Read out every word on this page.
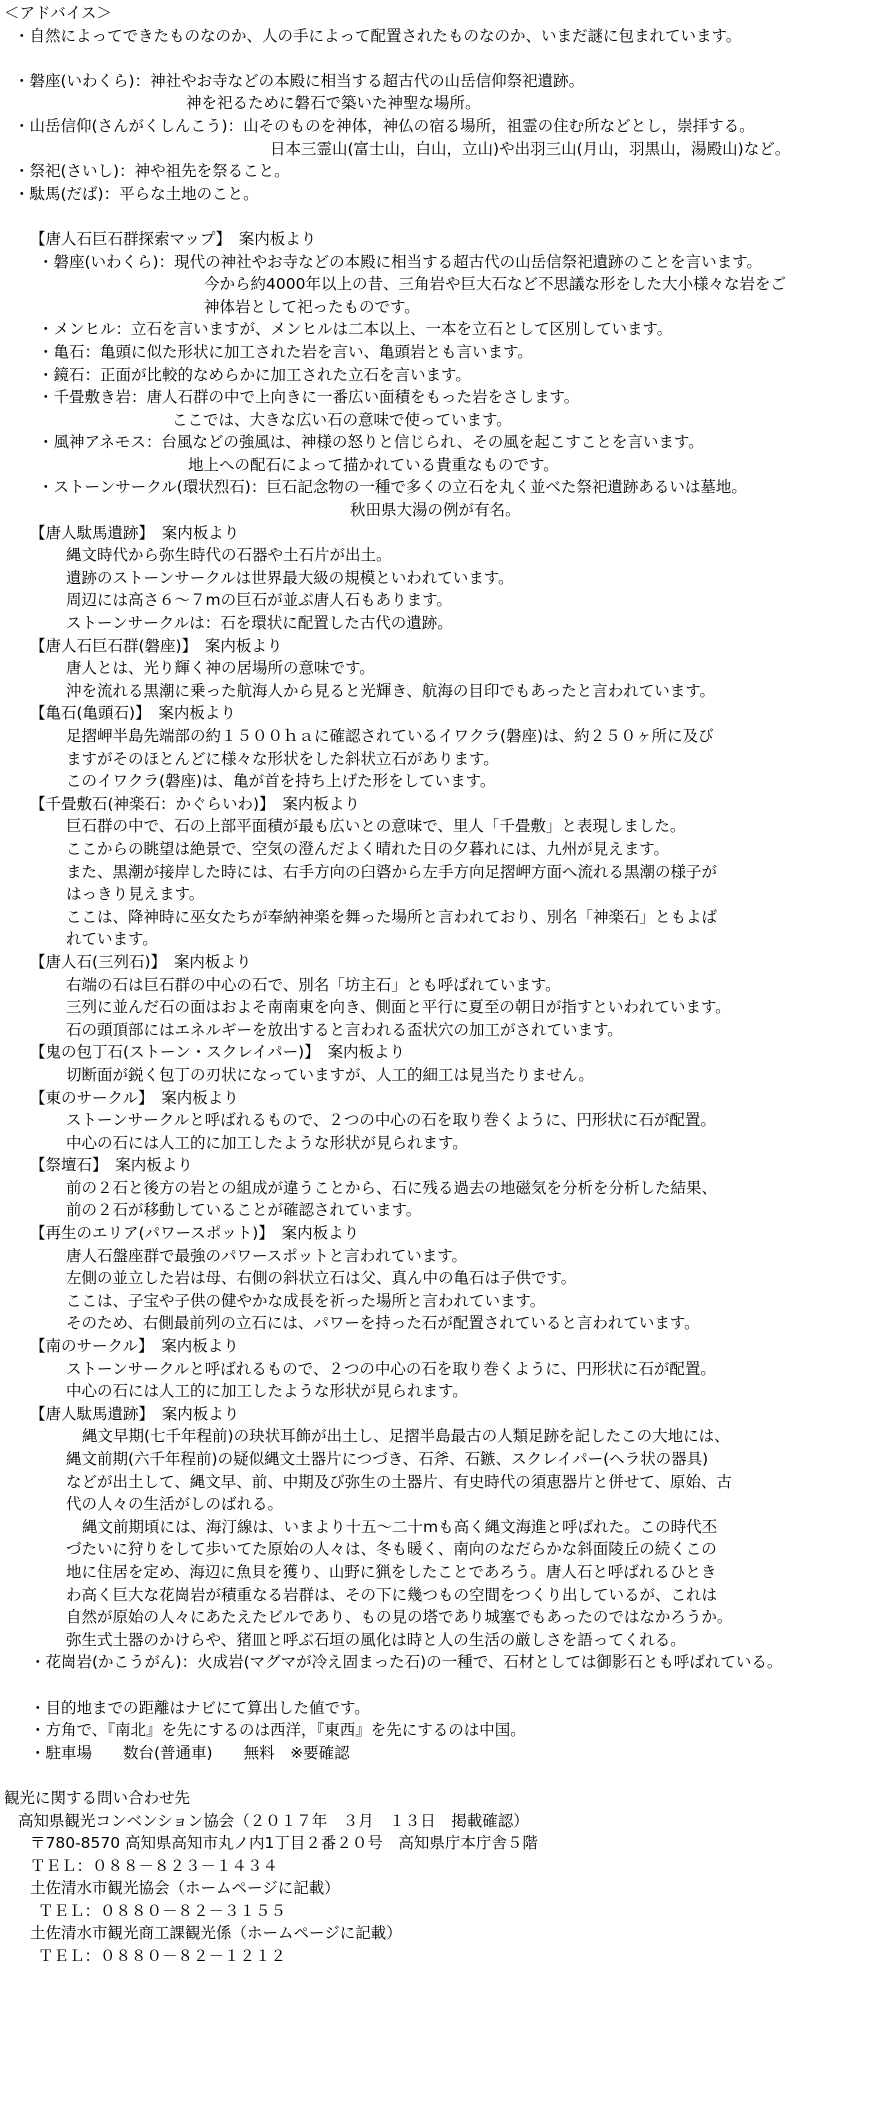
＜アドバイス＞
・自然によってできたものなのか、人の手によって配置されたものなのか、いまだ謎に包まれています。
・磐座(いわくら)：神社やお寺などの本殿に相当する超古代の山岳信仰祭祀遺跡。
神を祀るために磐石で築いた神聖な場所。
・山岳信仰(さんがくしんこう)：山そのものを神体，神仏の宿る場所，祖霊の住む所などとし，崇拝する。
日本三霊山(富士山，白山，立山)や出羽三山(月山，羽黒山，湯殿山)など。
・祭祀(さいし)：神や祖先を祭ること。
・駄馬(だば)：平らな土地のこと。
【唐人石巨石群探索マップ】　案内板より
・磐座(いわくら)：現代の神社やお寺などの本殿に相当する超古代の山岳信祭祀遺跡のことを言います。
今から約4000年以上の昔、三角岩や巨大石など不思議な形をした大小様々な岩をご
神体岩として祀ったものです。
・メンヒル：立石を言いますが、メンヒルは二本以上、一本を立石として区別しています。
・亀石：亀頭に似た形状に加工された岩を言い、亀頭岩とも言います。
・鏡石：正面が比較的なめらかに加工された立石を言います。
・千畳敷き岩：唐人石群の中で上向きに一番広い面積をもった岩をさします。
ここでは、大きな広い石の意味で使っています。
・風神アネモス：台風などの強風は、神様の怒りと信じられ、その風を起こすことを言います。
地上への配石によって描かれている貴重なものです。
・ストーンサークル(環状烈石)：巨石記念物の一種で多くの立石を丸く並べた祭祀遺跡あるいは墓地。
秋田県大湯の例が有名。
【唐人駄馬遺跡】　案内板より
縄文時代から弥生時代の石器や土石片が出土。
遺跡のストーンサークルは世界最大級の規模といわれています。
周辺には高さ６～７mの巨石が並ぶ唐人石もあります。
ストーンサークルは：石を環状に配置した古代の遺跡。
【唐人石巨石群(磐座)】　案内板より
唐人とは、光り輝く神の居場所の意味です。
沖を流れる黒潮に乗った航海人から見ると光輝き、航海の目印でもあったと言われています。
【亀石(亀頭石)】　案内板より
足摺岬半島先端部の約１５００ｈａに確認されているイワクラ(磐座)は、約２５０ヶ所に及び
ますがそのほとんどに様々な形状をした斜状立石があります。
このイワクラ(磐座)は、亀が首を持ち上げた形をしています。
【千畳敷石(神楽石：かぐらいわ)】　案内板より
巨石群の中で、石の上部平面積が最も広いとの意味で、里人「千畳敷」と表現しました。
ここからの眺望は絶景で、空気の澄んだよく晴れた日の夕暮れには、九州が見えます。
また、黒潮が接岸した時には、右手方向の臼碆から左手方向足摺岬方面へ流れる黒潮の様子が
はっきり見えます。
ここは、降神時に巫女たちが奉納神楽を舞った場所と言われており、別名「神楽石」ともよば
れています。
【唐人石(三列石)】　案内板より
右端の石は巨石群の中心の石で、別名「坊主石」とも呼ばれています。
三列に並んだ石の面はおよそ南南東を向き、側面と平行に夏至の朝日が指すといわれています。
石の頭頂部にはエネルギーを放出すると言われる盃状穴の加工がされています。
【鬼の包丁石(ストーン・スクレイパー)】　案内板より
切断面が鋭く包丁の刃状になっていますが、人工的細工は見当たりません。
【東のサークル】　案内板より
ストーンサークルと呼ばれるもので、２つの中心の石を取り巻くように、円形状に石が配置。
中心の石には人工的に加工したような形状が見られます。
【祭壇石】　案内板より
前の２石と後方の岩との組成が違うことから、石に残る過去の地磁気を分析を分析した結果、
前の２石が移動していることが確認されています。
【再生のエリア(パワースポット)】　案内板より
唐人石盤座群で最強のパワースポットと言われています。
左側の並立した岩は母、右側の斜状立石は父、真ん中の亀石は子供です。
ここは、子宝や子供の健やかな成長を祈った場所と言われています。
そのため、右側最前列の立石には、パワーを持った石が配置されていると言われています。
【南のサークル】　案内板より
ストーンサークルと呼ばれるもので、２つの中心の石を取り巻くように、円形状に石が配置。
中心の石には人工的に加工したような形状が見られます。
【唐人駄馬遺跡】　案内板より
縄文早期(七千年程前)の玦状耳飾が出土し、足摺半島最古の人類足跡を記したこの大地には、
縄文前期(六千年程前)の疑似縄文土器片につづき、石斧、石鏃、スクレイパー(ヘラ状の器具)
などが出土して、縄文早、前、中期及び弥生の土器片、有史時代の須恵器片と併せて、原始、古
代の人々の生活がしのばれる。
縄文前期頃には、海汀線は、いまより十五～二十mも高く縄文海進と呼ばれた。この時代丕
づたいに狩りをして歩いてた原始の人々は、冬も暖く、南向のなだらかな斜面陵丘の続くこの
地に住居を定め、海辺に魚貝を獲り、山野に猟をしたことであろう。唐人石と呼ばれるひとき
わ高く巨大な花崗岩が積重なる岩群は、その下に幾つもの空間をつくり出しているが、これは
自然が原始の人々にあたえたビルであり、もの見の塔であり城塞でもあったのではなかろうか。
弥生式土器のかけらや、猪皿と呼ぶ石垣の風化は時と人の生活の厳しさを語ってくれる。
・花崗岩(かこうがん)：火成岩(マグマが冷え固まった石)の一種で、石材としては御影石とも呼ばれている。
・目的地までの距離はナビにて算出した値です。
・方角で、『南北』を先にするのは西洋，『東西』を先にするのは中国。
・駐車場　　数台(普通車)　　無料　※要確認
観光に関する問い合わせ先
高知県観光コンベンション協会（２０１７年　３月　１３日　掲載確認）
〒780-8570 高知県高知市丸ノ内1丁目２番２０号　高知県庁本庁舎５階
ＴＥＬ：０８８－８２３－１４３４
土佐清水市観光協会（ホームページに記載）
ＴＥＬ：０８８０－８２－３１５５
土佐清水市観光商工課観光係（ホームページに記載）
ＴＥＬ：０８８０－８２－１２１２
